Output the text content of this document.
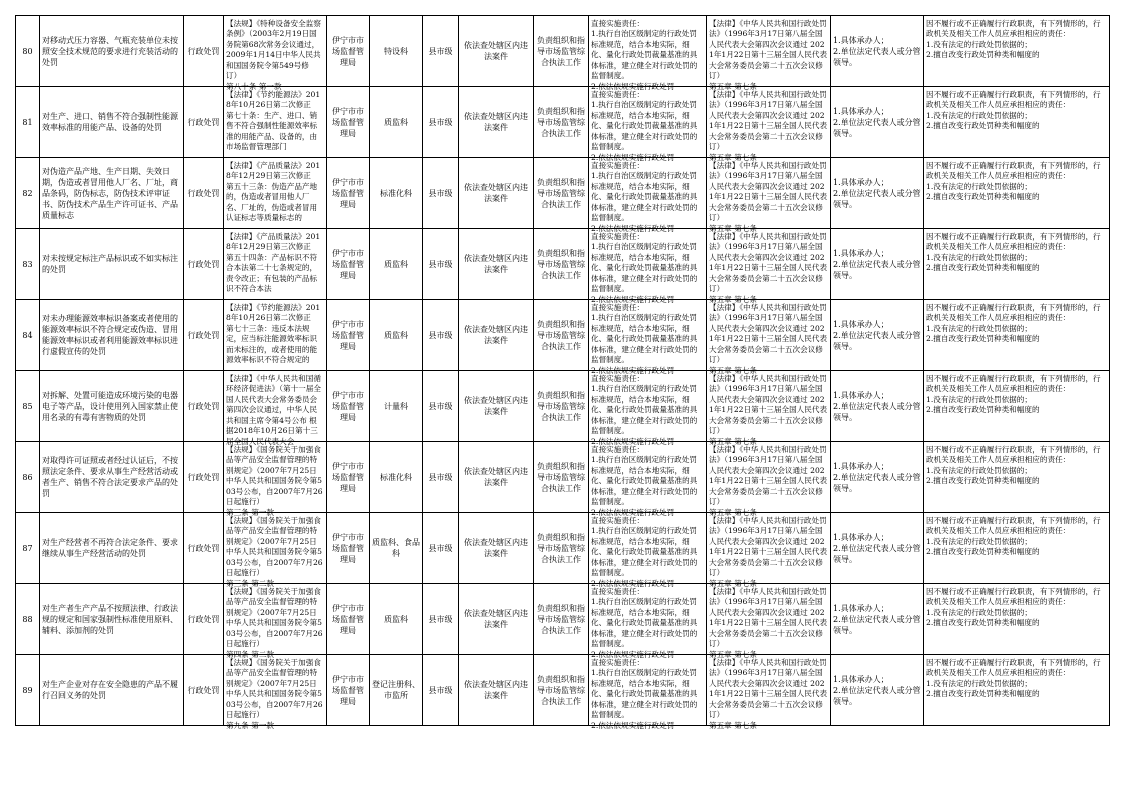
80	对移动式压力容器、气瓶充装单位未按照安全技术规范的要求进行充装活动的处罚	行政处罚	【法规】《特种设备安全监察条例》（2003年2月19日国务院第68次常务会议通过，2009年1月14日中华人民共和国国务院令第549号修订）
第八十条 第一款	伊宁市市场监督管理局	特设科	县市级	依法查处辖区内违法案件	负责组织和指导市场监管综合执法工作	直接实施责任：
1.执行自治区级制定的行政处罚标准规范，结合本地实际，细化、量化行政处罚裁量基准的具体标准，建立健全对行政处罚的监督制度。
2.依法依规实施行政处罚	【法律】《中华人民共和国行政处罚法》（1996年3月17日第八届全国人民代表大会第四次会议通过 2021年1月22日第十三届全国人民代表大会常务委员会第二十五次会议修订）
第五章 第七条	1.具体承办人；
2.单位法定代表人或分管领导。	因不履行或不正确履行行政职责，有下列情形的，行政机关及相关工作人员应承担相应的责任：
1.没有法定的行政处罚依据的；
2.擅自改变行政处罚种类和幅度的

81	对生产、进口、销售不符合强制性能源效率标准的用能产品、设备的处罚	行政处罚	【法律】《节约能源法》2018年10月26日第二次修正
第七十条：生产、进口、销售不符合强制性能源效率标准的用能产品、设备的，由市场监督管理部门	伊宁市市场监督管理局	质监科	县市级	依法查处辖区内违法案件	负责组织和指导市场监管综合执法工作	直接实施责任：
1.执行自治区级制定的行政处罚标准规范，结合本地实际，细化、量化行政处罚裁量基准的具体标准，建立健全对行政处罚的监督制度。
2.依法依规实施行政处罚	【法律】《中华人民共和国行政处罚法》（1996年3月17日第八届全国人民代表大会第四次会议通过 2021年1月22日第十三届全国人民代表大会常务委员会第二十五次会议修订）
第五章 第七条	1.具体承办人；
2.单位法定代表人或分管领导。	因不履行或不正确履行行政职责，有下列情形的，行政机关及相关工作人员应承担相应的责任：
1.没有法定的行政处罚依据的；
2.擅自改变行政处罚种类和幅度的

82	对伪造产品产地、生产日期、失效日期，伪造或者冒用他人厂名、厂址，商品条码，防伪标志，防伪技术评审证书、防伪技术产品生产许可证书、产品质量标志	行政处罚	【法律】《产品质量法》2018年12月29日第三次修正
第五十三条：伪造产品产地的，伪造或者冒用他人厂名、厂址的，伪造或者冒用认证标志等质量标志的	伊宁市市场监督管理局	标准化科	县市级	依法查处辖区内违法案件	负责组织和指导市场监管综合执法工作	直接实施责任：
1.执行自治区级制定的行政处罚标准规范，结合本地实际，细化、量化行政处罚裁量基准的具体标准，建立健全对行政处罚的监督制度。
2.依法依规实施行政处罚	【法律】《中华人民共和国行政处罚法》（1996年3月17日第八届全国人民代表大会第四次会议通过 2021年1月22日第十三届全国人民代表大会常务委员会第二十五次会议修订）
第五章 第七条	1.具体承办人；
2.单位法定代表人或分管领导。	因不履行或不正确履行行政职责，有下列情形的，行政机关及相关工作人员应承担相应的责任：
1.没有法定的行政处罚依据的；
2.擅自改变行政处罚种类和幅度的

83	对未按规定标注产品标识或不如实标注的处罚	行政处罚	【法律】《产品质量法》2018年12月29日第三次修正
第五十四条：产品标识不符合本法第二十七条规定的，责令改正；有包装的产品标识不符合本法	伊宁市市场监督管理局	质监科	县市级	依法查处辖区内违法案件	负责组织和指导市场监管综合执法工作	直接实施责任：
1.执行自治区级制定的行政处罚标准规范，结合本地实际，细化、量化行政处罚裁量基准的具体标准，建立健全对行政处罚的监督制度。
2.依法依规实施行政处罚	【法律】《中华人民共和国行政处罚法》（1996年3月17日第八届全国人民代表大会第四次会议通过 2021年1月22日第十三届全国人民代表大会常务委员会第二十五次会议修订）
第五章 第七条	1.具体承办人；
2.单位法定代表人或分管领导。	因不履行或不正确履行行政职责，有下列情形的，行政机关及相关工作人员应承担相应的责任：
1.没有法定的行政处罚依据的；
2.擅自改变行政处罚种类和幅度的

84	对未办理能源效率标识备案或者使用的能源效率标识不符合规定或伪造、冒用能源效率标识或者利用能源效率标识进行虚假宣传的处罚	行政处罚	【法律】《节约能源法》2018年10月26日第二次修正
第七十三条：违反本法规定，应当标注能源效率标识而未标注的，或者使用的能源效率标识不符合规定的	伊宁市市场监督管理局	质监科	县市级	依法查处辖区内违法案件	负责组织和指导市场监管综合执法工作	直接实施责任：
1.执行自治区级制定的行政处罚标准规范，结合本地实际，细化、量化行政处罚裁量基准的具体标准，建立健全对行政处罚的监督制度。
2.依法依规实施行政处罚	【法律】《中华人民共和国行政处罚法》（1996年3月17日第八届全国人民代表大会第四次会议通过 2021年1月22日第十三届全国人民代表大会常务委员会第二十五次会议修订）
第五章 第七条	1.具体承办人；
2.单位法定代表人或分管领导。	因不履行或不正确履行行政职责，有下列情形的，行政机关及相关工作人员应承担相应的责任：
1.没有法定的行政处罚依据的；
2.擅自改变行政处罚种类和幅度的

85	对拆解、处置可能造成环境污染的电器电子等产品，设计使用列入国家禁止使用名录的有毒有害物质的处罚	行政处罚	【法律】《中华人民共和国循环经济促进法》（第十一届全国人民代表大会常务委员会第四次会议通过，中华人民共和国主席令第4号公布 根据2018年10月26日第十三届全国人民代表大会	伊宁市市场监督管理局	计量科	县市级	依法查处辖区内违法案件	负责组织和指导市场监管综合执法工作	直接实施责任：
1.执行自治区级制定的行政处罚标准规范，结合本地实际，细化、量化行政处罚裁量基准的具体标准，建立健全对行政处罚的监督制度。
2.依法依规实施行政处罚	【法律】《中华人民共和国行政处罚法》（1996年3月17日第八届全国人民代表大会第四次会议通过 2021年1月22日第十三届全国人民代表大会常务委员会第二十五次会议修订）
第五章 第七条	1.具体承办人；
2.单位法定代表人或分管领导。	因不履行或不正确履行行政职责，有下列情形的，行政机关及相关工作人员应承担相应的责任：
1.没有法定的行政处罚依据的；
2.擅自改变行政处罚种类和幅度的

86	对取得许可证照或者经过认证后，不按照法定条件、要求从事生产经营活动或者生产、销售不符合法定要求产品的处罚	行政处罚	【法规】《国务院关于加强食品等产品安全监督管理的特别规定》（2007年7月25日中华人民共和国国务院令第503号公布，自2007年7月26日起施行）
第三条 第一款	伊宁市市场监督管理局	标准化科	县市级	依法查处辖区内违法案件	负责组织和指导市场监管综合执法工作	直接实施责任：
1.执行自治区级制定的行政处罚标准规范，结合本地实际，细化、量化行政处罚裁量基准的具体标准，建立健全对行政处罚的监督制度。
2.依法依规实施行政处罚	【法律】《中华人民共和国行政处罚法》（1996年3月17日第八届全国人民代表大会第四次会议通过 2021年1月22日第十三届全国人民代表大会常务委员会第二十五次会议修订）
第五章 第七条	1.具体承办人；
2.单位法定代表人或分管领导。	因不履行或不正确履行行政职责，有下列情形的，行政机关及相关工作人员应承担相应的责任：
1.没有法定的行政处罚依据的；
2.擅自改变行政处罚种类和幅度的

87	对生产经营者不再符合法定条件、要求继续从事生产经营活动的处罚	行政处罚	【法规】《国务院关于加强食品等产品安全监督管理的特别规定》（2007年7月25日中华人民共和国国务院令第503号公布，自2007年7月26日起施行）
第三条 第二款	伊宁市市场监督管理局	质监科、食品科	县市级	依法查处辖区内违法案件	负责组织和指导市场监管综合执法工作	直接实施责任：
1.执行自治区级制定的行政处罚标准规范，结合本地实际，细化、量化行政处罚裁量基准的具体标准，建立健全对行政处罚的监督制度。
2.依法依规实施行政处罚	【法律】《中华人民共和国行政处罚法》（1996年3月17日第八届全国人民代表大会第四次会议通过 2021年1月22日第十三届全国人民代表大会常务委员会第二十五次会议修订）
第五章 第七条	1.具体承办人；
2.单位法定代表人或分管领导。	因不履行或不正确履行行政职责，有下列情形的，行政机关及相关工作人员应承担相应的责任：
1.没有法定的行政处罚依据的；
2.擅自改变行政处罚种类和幅度的

88	对生产者生产产品不按照法律、行政法规的规定和国家强制性标准使用原料、辅料、添加剂的处罚	行政处罚	【法规】《国务院关于加强食品等产品安全监督管理的特别规定》（2007年7月25日中华人民共和国国务院令第503号公布，自2007年7月26日起施行）
第四条 第二款	伊宁市市场监督管理局	质监科	县市级	依法查处辖区内违法案件	负责组织和指导市场监管综合执法工作	直接实施责任：
1.执行自治区级制定的行政处罚标准规范，结合本地实际，细化、量化行政处罚裁量基准的具体标准，建立健全对行政处罚的监督制度。
2.依法依规实施行政处罚	【法律】《中华人民共和国行政处罚法》（1996年3月17日第八届全国人民代表大会第四次会议通过 2021年1月22日第十三届全国人民代表大会常务委员会第二十五次会议修订）
第五章 第七条	1.具体承办人；
2.单位法定代表人或分管领导。	因不履行或不正确履行行政职责，有下列情形的，行政机关及相关工作人员应承担相应的责任：
1.没有法定的行政处罚依据的；
2.擅自改变行政处罚种类和幅度的

89	对生产企业对存在安全隐患的产品不履行召回义务的处罚	行政处罚	【法规】《国务院关于加强食品等产品安全监督管理的特别规定》（2007年7月25日中华人民共和国国务院令第503号公布，自2007年7月26日起施行）
第九条 第一款	伊宁市市场监督管理局	登记注册科、市监所	县市级	依法查处辖区内违法案件	负责组织和指导市场监管综合执法工作	直接实施责任：
1.执行自治区级制定的行政处罚标准规范，结合本地实际，细化、量化行政处罚裁量基准的具体标准，建立健全对行政处罚的监督制度。
2.依法依规实施行政处罚	【法律】《中华人民共和国行政处罚法》（1996年3月17日第八届全国人民代表大会第四次会议通过 2021年1月22日第十三届全国人民代表大会常务委员会第二十五次会议修订）
第五章 第七条	1.具体承办人；
2.单位法定代表人或分管领导。	因不履行或不正确履行行政职责，有下列情形的，行政机关及相关工作人员应承担相应的责任：
1.没有法定的行政处罚依据的；
2.擅自改变行政处罚种类和幅度的
